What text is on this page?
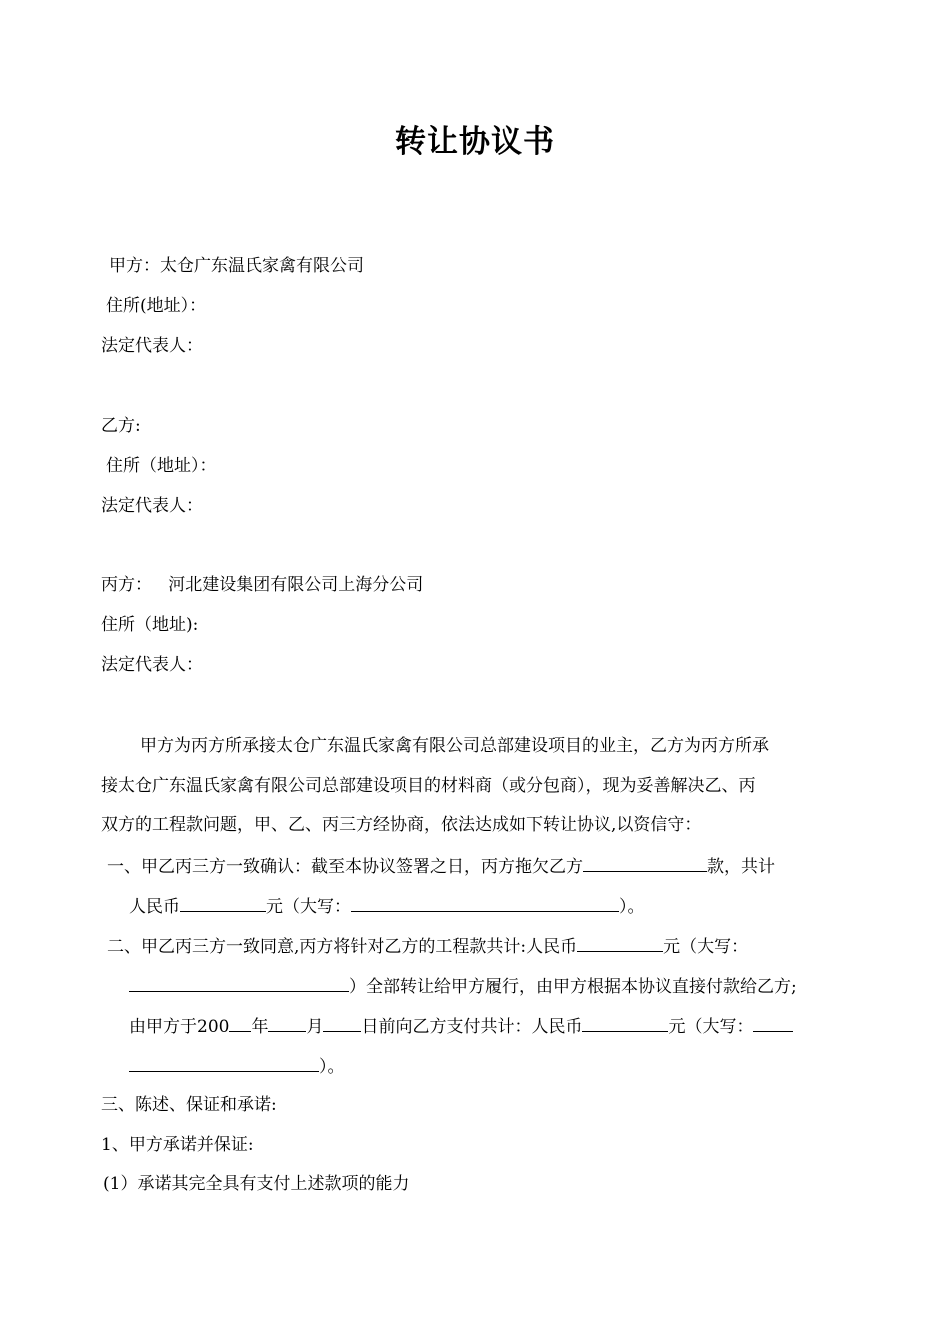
转让协议书
甲方：太仓广东温氏家禽有限公司
住所(地址）：
法定代表人：
乙方:
住所（地址）：
法定代表人：
丙方：   河北建设集团有限公司上海分公司
住所（地址):
法定代表人：
甲方为丙方所承接太仓广东温氏家禽有限公司总部建设项目的业主，乙方为丙方所承
接太仓广东温氏家禽有限公司总部建设项目的材料商（或分包商），现为妥善解决乙、丙
双方的工程款问题，甲、乙、丙三方经协商，依法达成如下转让协议,以资信守：
一、甲乙丙三方一致确认：截至本协议签署之日，丙方拖欠乙方	款，共计
人民币	元（大写：	）。
二、甲乙丙三方一致同意,丙方将针对乙方的工程款共计:人民币	元（大写：
）全部转让给甲方履行，由甲方根据本协议直接付款给乙方;
由甲方于200 年 月 日前向乙方支付共计：人民币	元（大写：
）。
三、陈述、保证和承诺:
1、甲方承诺并保证:
(1）承诺其完全具有支付上述款项的能力
